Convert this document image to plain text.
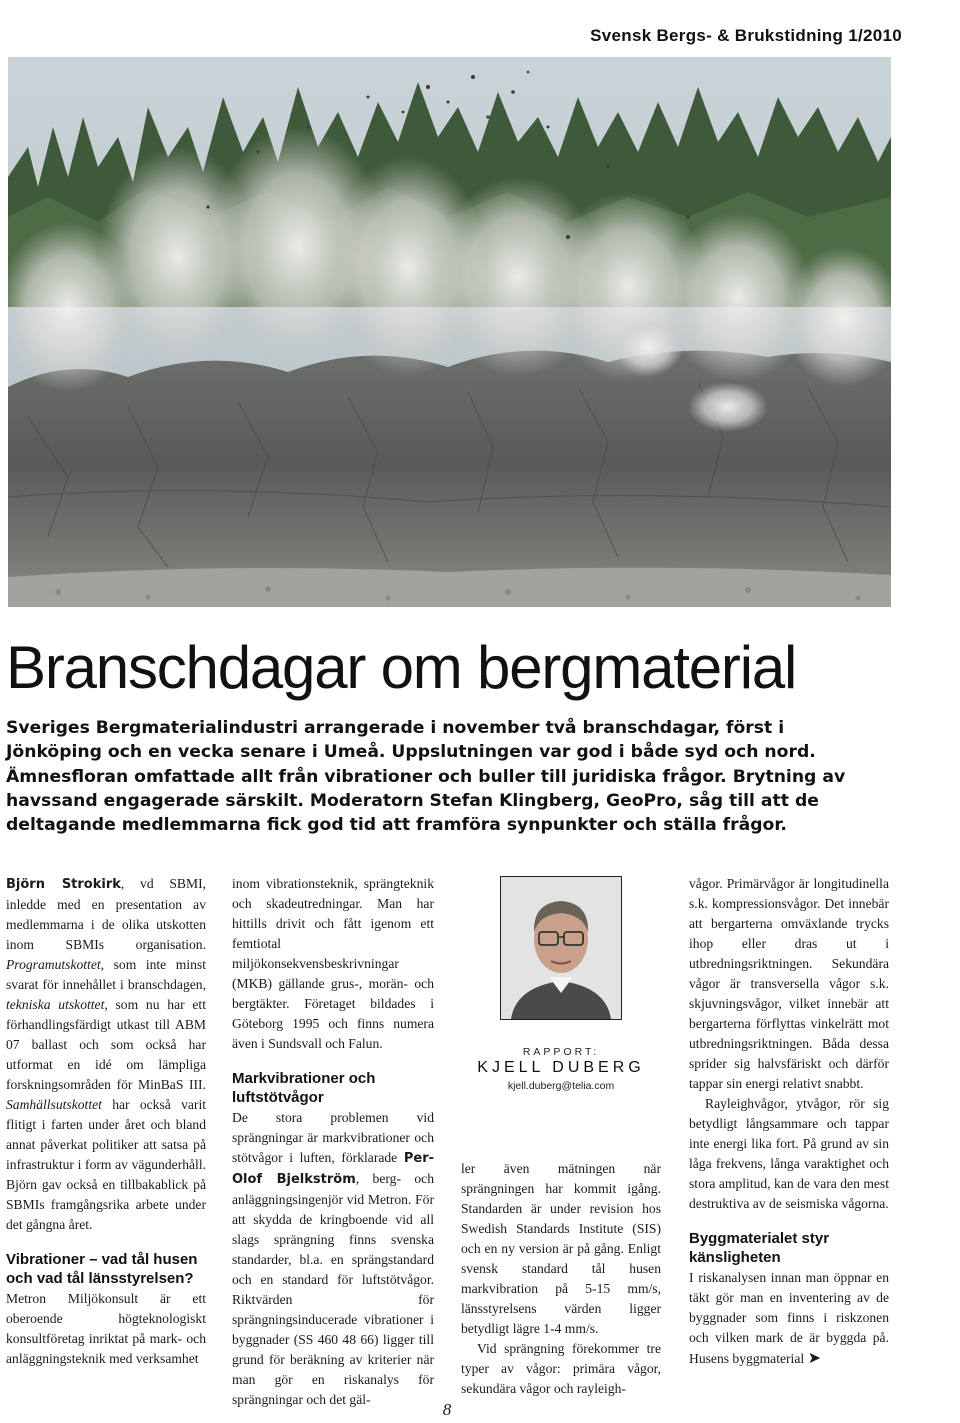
Svensk Bergs- & Brukstidning 1/2010
Branschdagar om bergmaterial

Sveriges Bergmaterialindustri arrangerade i november två branschdagar, först i Jönköping och en vecka senare i Umeå. Uppslutningen var god i både syd och nord. Ämnesfloran omfattade allt från vibrationer och buller till juridiska frågor. Brytning av havssand engagerade särskilt. Moderatorn Stefan Klingberg, GeoPro, såg till att de deltagande medlemmarna fick god tid att framföra synpunkter och ställa frågor.

Björn Strokirk, vd SBMI, inledde med en presentation av medlemmarna i de olika utskotten inom SBMIs organisation. Programutskottet, som inte minst svarat för innehållet i branschdagen, tekniska utskottet, som nu har ett förhandlingsfärdigt utkast till ABM 07 ballast och som också har utformat en idé om lämpliga forskningsområden för MinBaS III. Samhällsutskottet har också varit flitigt i farten under året och bland annat påverkat politiker att satsa på infrastruktur i form av vägunderhåll. Björn gav också en tillbakablick på SBMIs framgångsrika arbete under det gångna året.

Vibrationer – vad tål husen och vad tål länsstyrelsen?

Metron Miljökonsult är ett oberoende högteknologiskt konsultföretag inriktat på mark- och anläggningsteknik med verksamhet

inom vibrationsteknik, sprängteknik och skadeutredningar. Man har hittills drivit och fått igenom ett femtiotal miljökonsekvensbeskrivningar (MKB) gällande grus-, morän- och bergtäkter. Företaget bildades i Göteborg 1995 och finns numera även i Sundsvall och Falun.

Markvibrationer och luftstötvågor

De stora problemen vid sprängningar är markvibrationer och stötvågor i luften, förklarade Per-Olof Bjelkström, berg- och anläggningsingenjör vid Metron. För att skydda de kringboende vid all slags sprängning finns svenska standarder, bl.a. en sprängstandard och en standard för luftstötvågor. Riktvärden för sprängningsinducerade vibrationer i byggnader (SS 460 48 66) ligger till grund för beräkning av kriterier när man gör en riskanalys för sprängningar och det gäl-

RAPPORT:
KJELL DUBERG
kjell.duberg@telia.com

ler även mätningen när sprängningen har kommit igång. Standarden är under revision hos Swedish Standards Institute (SIS) och en ny version är på gång. Enligt svensk standard tål husen markvibration på 5-15 mm/s, länsstyrelsens värden ligger betydligt lägre 1-4 mm/s.

Vid sprängning förekommer tre typer av vågor: primära vågor, sekundära vågor och rayleigh-

vågor. Primärvågor är longitudinella s.k. kompressionsvågor. Det innebär att bergarterna omväxlande trycks ihop eller dras ut i utbredningsriktningen. Sekundära vågor är transversella vågor s.k. skjuvningsvågor, vilket innebär att bergarterna förflyttas vinkelrätt mot utbredningsriktningen. Båda dessa sprider sig halvsfäriskt och därför tappar sin energi relativt snabbt.

Rayleighvågor, ytvågor, rör sig betydligt långsammare och tappar inte energi lika fort. På grund av sin låga frekvens, långa varaktighet och stora amplitud, kan de vara den mest destruktiva av de seismiska vågorna.

Byggmaterialet styr känsligheten

I riskanalysen innan man öppnar en täkt gör man en inventering av de byggnader som finns i riskzonen och vilken mark de är byggda på. Husens byggmaterial ➤

8
